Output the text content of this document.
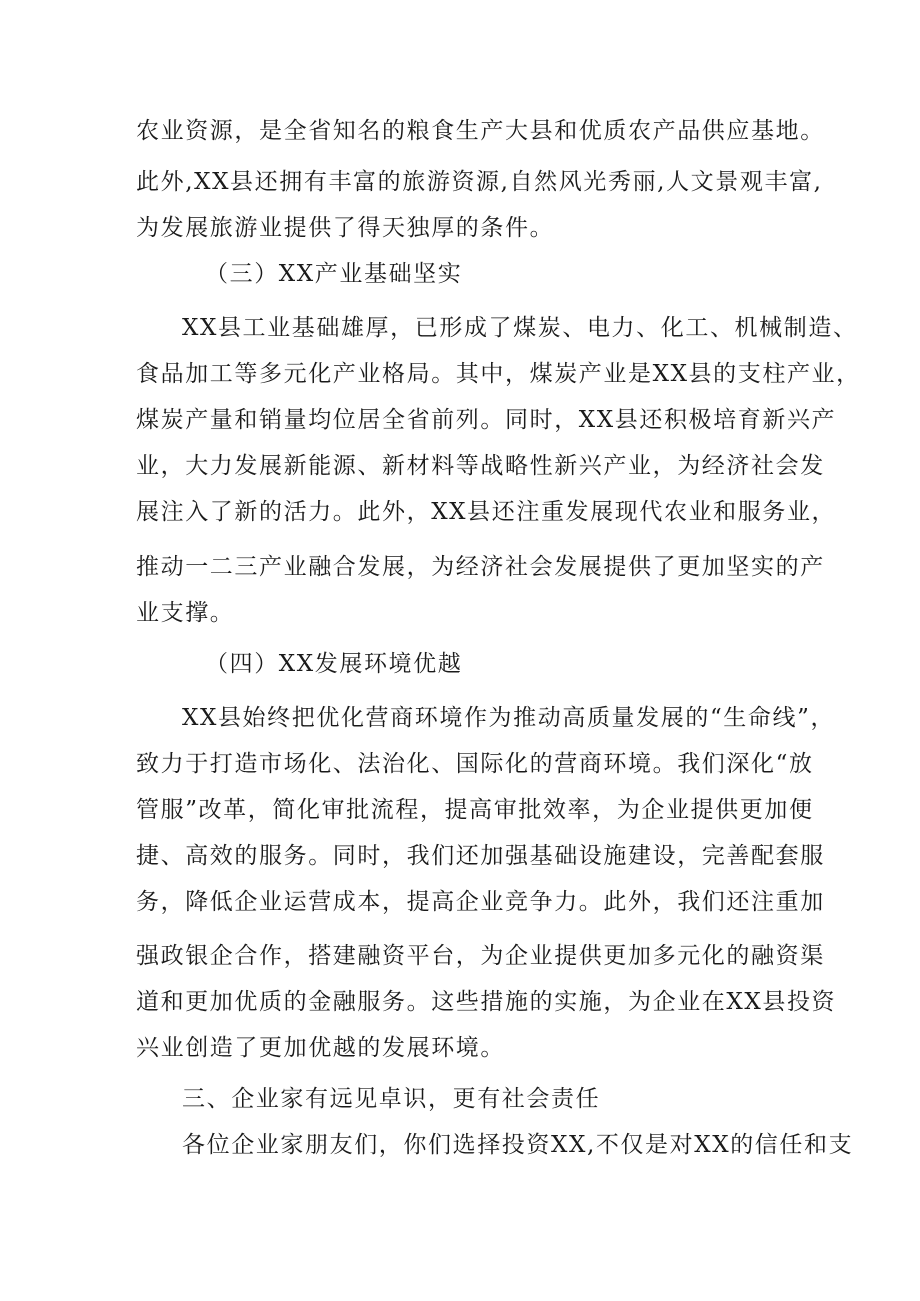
农业资源，是全省知名的粮食生产大县和优质农产品供应基地。
此外,XX县还拥有丰富的旅游资源,自然风光秀丽,人文景观丰富,
为发展旅游业提供了得天独厚的条件。
（三）XX产业基础坚实
XX县工业基础雄厚，已形成了煤炭、电力、化工、机械制造、
食品加工等多元化产业格局。其中，煤炭产业是XX县的支柱产业，
煤炭产量和销量均位居全省前列。同时，XX县还积极培育新兴产
业，大力发展新能源、新材料等战略性新兴产业，为经济社会发
展注入了新的活力。此外，XX县还注重发展现代农业和服务业，
推动一二三产业融合发展，为经济社会发展提供了更加坚实的产
业支撑。
（四）XX发展环境优越
XX县始终把优化营商环境作为推动高质量发展的“生命线”，
致力于打造市场化、法治化、国际化的营商环境。我们深化“放
管服”改革，简化审批流程，提高审批效率，为企业提供更加便
捷、高效的服务。同时，我们还加强基础设施建设，完善配套服
务，降低企业运营成本，提高企业竞争力。此外，我们还注重加
强政银企合作，搭建融资平台，为企业提供更加多元化的融资渠
道和更加优质的金融服务。这些措施的实施，为企业在XX县投资
兴业创造了更加优越的发展环境。
三、企业家有远见卓识，更有社会责任
各位企业家朋友们，你们选择投资XX,不仅是对XX的信任和支
